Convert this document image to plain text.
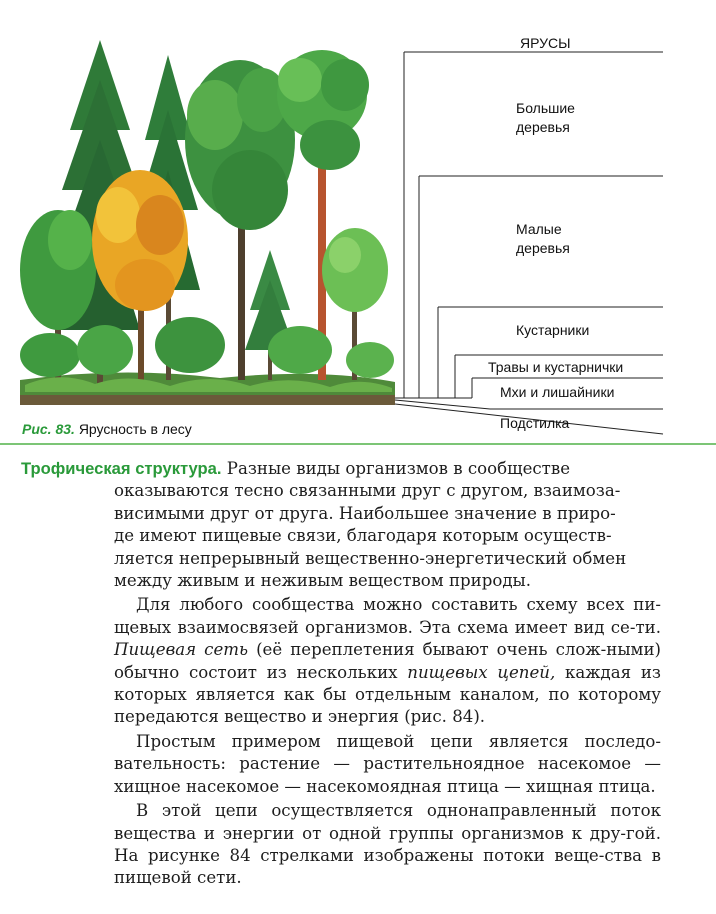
ЯРУСЫ
Большие
деревья
Малые
деревья
Кустарники
Травы и кустарнички
Мхи и лишайники
Подстилка
Рис. 83. Ярусность в лесу

Трофическая структура. Разные виды организмов в сообществе
оказываются тесно связанными друг с другом, взаимоза-
висимыми друг от друга. Наибольшее значение в приро-
де имеют пищевые связи, благодаря которым осуществ-
ляется непрерывный вещественно-энергетический обмен
между живым и неживым веществом природы.

Для любого сообщества можно составить схему всех пи-щевых взаимосвязей организмов. Эта схема имеет вид се-ти. Пищевая сеть (её переплетения бывают очень слож-ными) обычно состоит из нескольких пищевых цепей, каждая из которых является как бы отдельным каналом, по которому передаются вещество и энергия (рис. 84).

Простым примером пищевой цепи является последо-вательность: растение — растительноядное насекомое — хищное насекомое — насекомоядная птица — хищная птица.

В этой цепи осуществляется однонаправленный поток вещества и энергии от одной группы организмов к дру-гой. На рисунке 84 стрелками изображены потоки веще-ства в пищевой сети.
